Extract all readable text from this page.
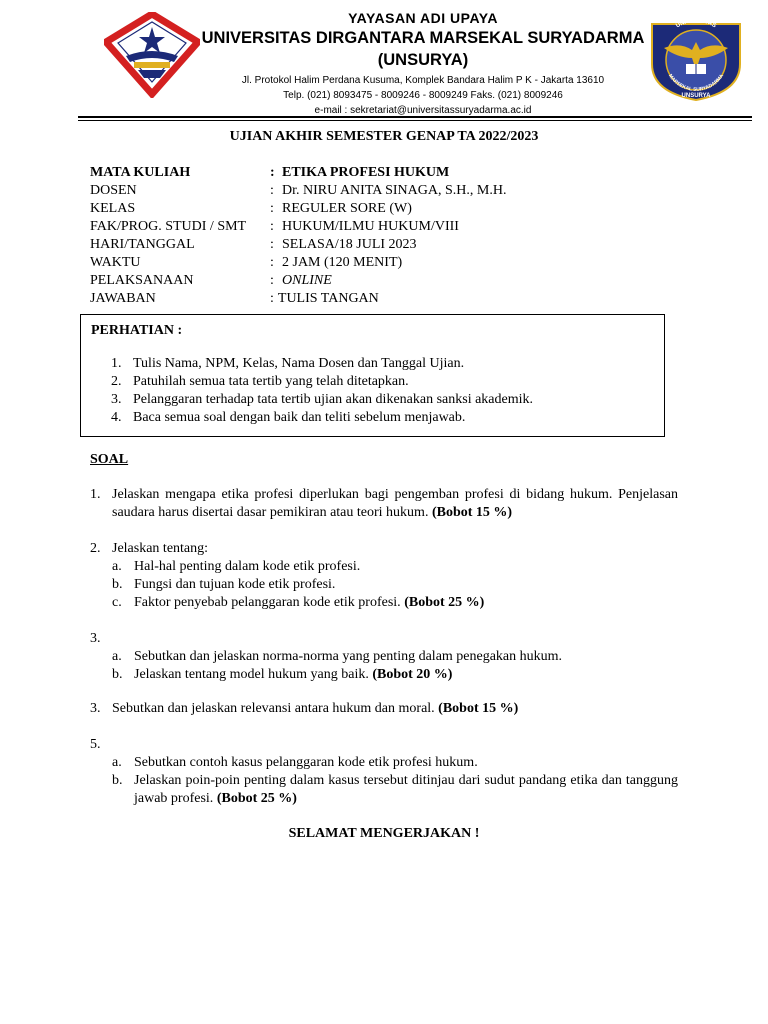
YAYASAN ADI UPAYA
UNIVERSITAS DIRGANTARA MARSEKAL SURYADARMA
(UNSURYA)
Jl. Protokol Halim Perdana Kusuma, Komplek Bandara Halim P K - Jakarta 13610
Telp. (021) 8093475 - 8009246 - 8009249 Faks. (021) 8009246
e-mail : sekretariat@universitassuryadarma.ac.id
UNIVERSITAS
MARSEKAL SURYADARMA
UNSURYA
UJIAN AKHIR SEMESTER GENAP TA 2022/2023
MATA KULIAH	: ETIKA PROFESI HUKUM
DOSEN	: Dr. NIRU ANITA SINAGA, S.H., M.H.
KELAS	: REGULER SORE (W)
FAK/PROG. STUDI / SMT	: HUKUM/ILMU HUKUM/VIII
HARI/TANGGAL	: SELASA/18 JULI 2023
WAKTU	: 2 JAM (120 MENIT)
PELAKSANAAN	: ONLINE
JAWABAN	: TULIS TANGAN
PERHATIAN :
1. Tulis Nama, NPM, Kelas, Nama Dosen dan Tanggal Ujian.
2. Patuhilah semua tata tertib yang telah ditetapkan.
3. Pelanggaran terhadap tata tertib ujian akan dikenakan sanksi akademik.
4. Baca semua soal dengan baik dan teliti sebelum menjawab.
SOAL
1. Jelaskan mengapa etika profesi diperlukan bagi pengemban profesi di bidang hukum. Penjelasan saudara harus disertai dasar pemikiran atau teori hukum. (Bobot 15 %)
2. Jelaskan tentang:
a. Hal-hal penting dalam kode etik profesi.
b. Fungsi dan tujuan kode etik profesi.
c. Faktor penyebab pelanggaran kode etik profesi. (Bobot 25 %)
3.
a. Sebutkan dan jelaskan norma-norma yang penting dalam penegakan hukum.
b. Jelaskan tentang model hukum yang baik. (Bobot 20 %)
3. Sebutkan dan jelaskan relevansi antara hukum dan moral. (Bobot 15 %)
5.
a. Sebutkan contoh kasus pelanggaran kode etik profesi hukum.
b. Jelaskan poin-poin penting dalam kasus tersebut ditinjau dari sudut pandang etika dan tanggung jawab profesi. (Bobot 25 %)
SELAMAT MENGERJAKAN !
